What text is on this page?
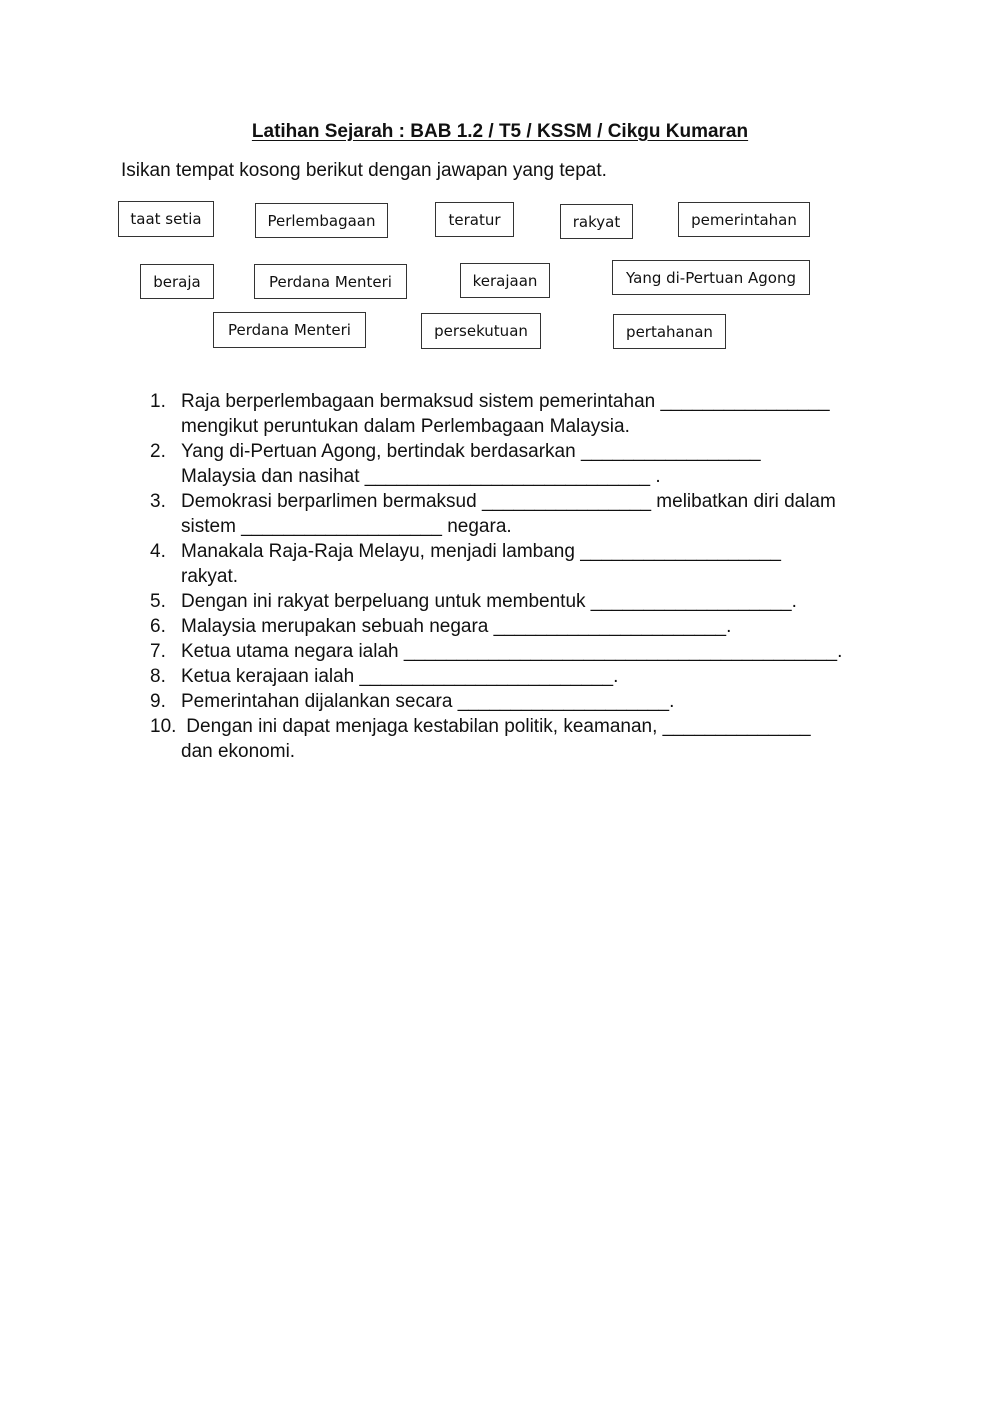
Latihan Sejarah : BAB 1.2 / T5 / KSSM / Cikgu Kumaran
Isikan tempat kosong berikut dengan jawapan yang tepat.
taat setia	Perlembagaan	teratur	rakyat	pemerintahan
beraja	Perdana Menteri	kerajaan	Yang di-Pertuan Agong
Perdana Menteri	persekutuan	pertahanan
1. Raja berperlembagaan bermaksud sistem pemerintahan ________________
mengikut peruntukan dalam Perlembagaan Malaysia.
2. Yang di-Pertuan Agong, bertindak berdasarkan _________________
Malaysia dan nasihat ___________________________ .
3. Demokrasi berparlimen bermaksud ________________ melibatkan diri dalam
sistem ___________________ negara.
4. Manakala Raja-Raja Melayu, menjadi lambang ___________________
rakyat.
5. Dengan ini rakyat berpeluang untuk membentuk ___________________.
6. Malaysia merupakan sebuah negara ______________________.
7. Ketua utama negara ialah _________________________________________.
8. Ketua kerajaan ialah ________________________.
9. Pemerintahan dijalankan secara ____________________.
10. Dengan ini dapat menjaga kestabilan politik, keamanan, ______________
dan ekonomi.
